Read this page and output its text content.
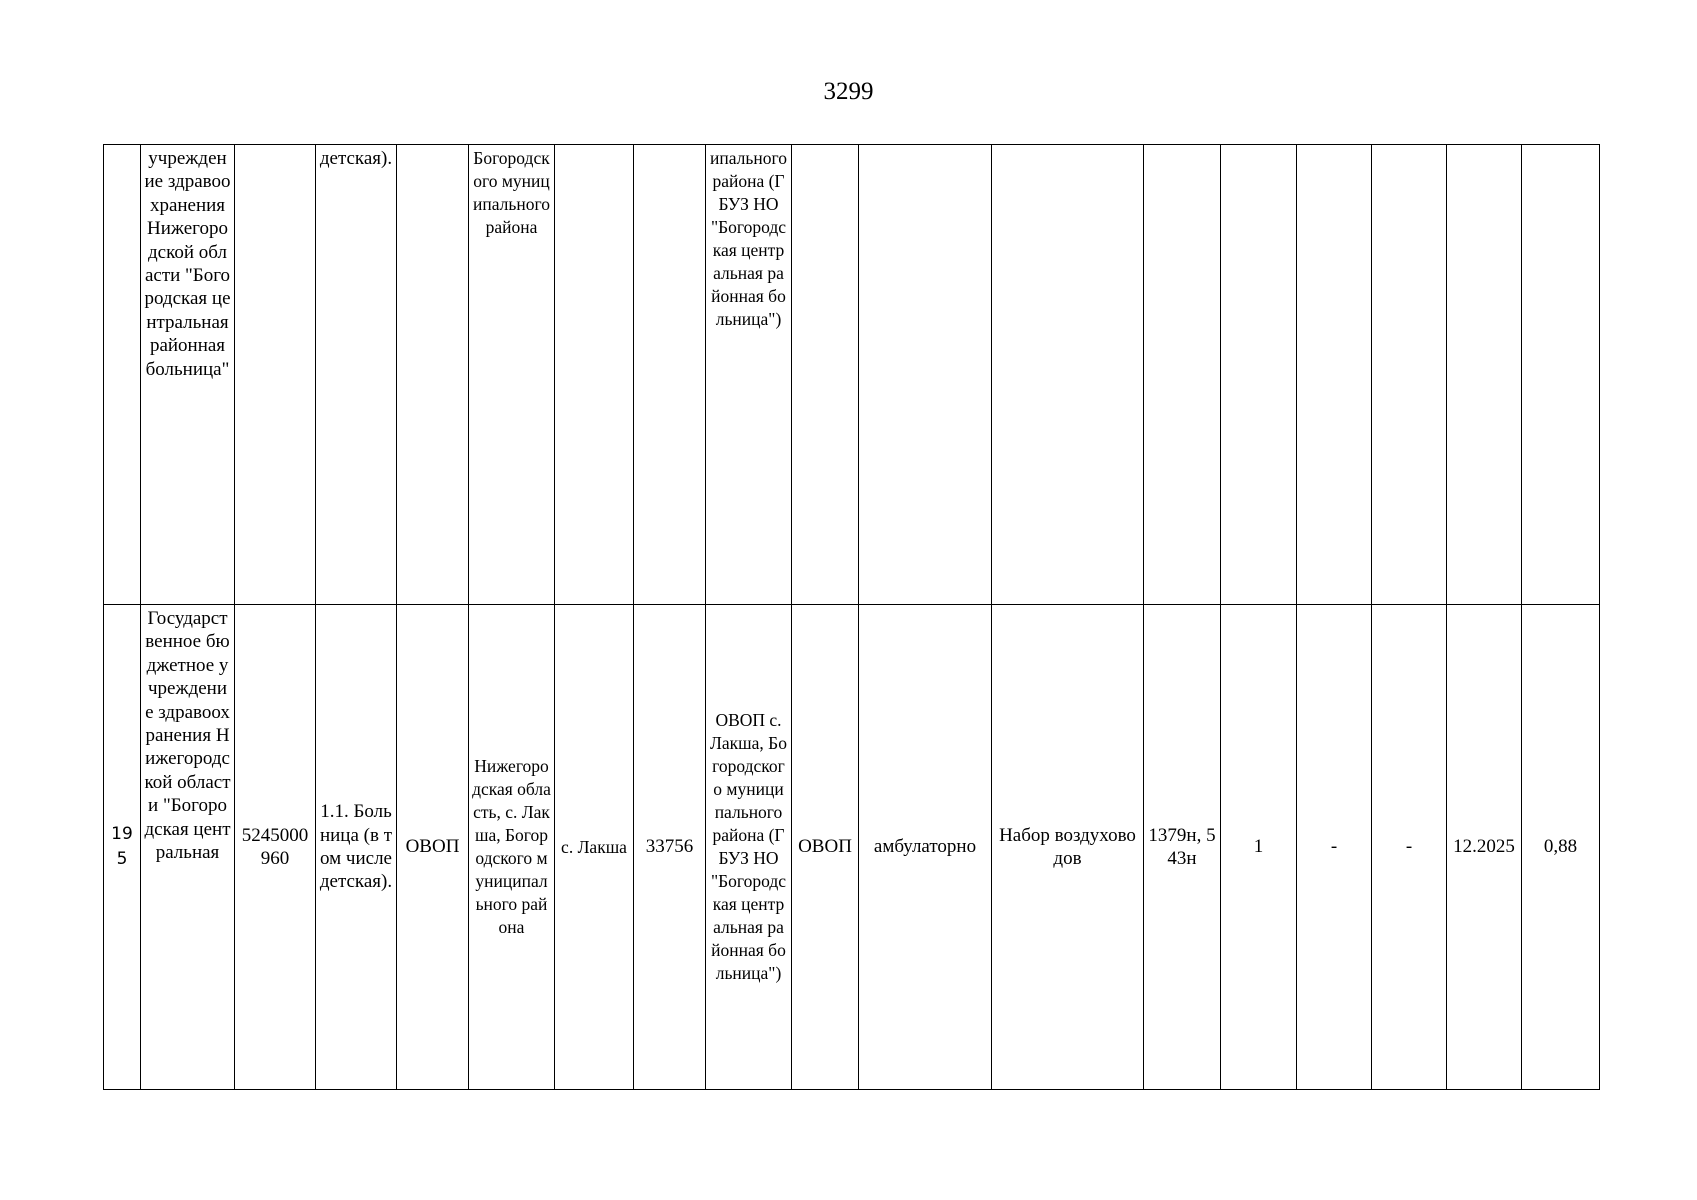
3299

	учреждение здравоохранения Нижегородской области "Богородская центральная районная больница"		детская).		Богородского муниципального района			ипального района (ГБУЗ НО "Богородская центральная районная больница")									

195	Государственное бюджетное учреждение здравоохранения Нижегородской области "Богородская центральная	5245000960	1.1. Больница (в том числе детская).	ОВОП	Нижегородская область, с. Лакша, Богородского муниципального района	с. Лакша	33756	ОВОП с. Лакша, Богородского муниципального района (ГБУЗ НО "Богородская центральная районная больница")	ОВОП	амбулаторно	Набор воздуховодов	1379н, 543н	1	-	-	12.2025	0,88
